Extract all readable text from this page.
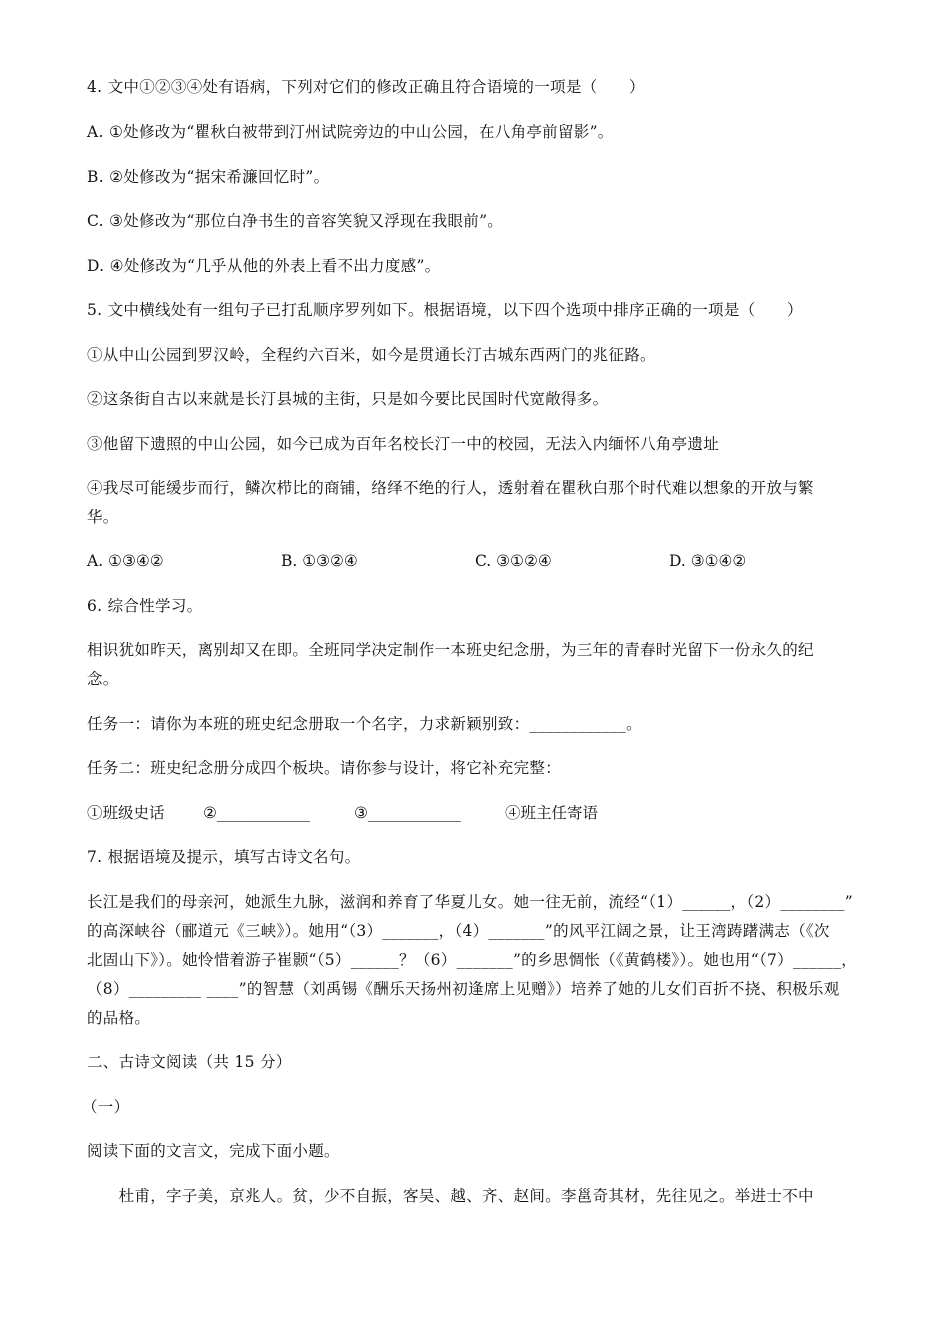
4. 文中①②③④处有语病，下列对它们的修改正确且符合语境的一项是（　　）
A. ①处修改为“瞿秋白被带到汀州试院旁边的中山公园，在八角亭前留影”。
B. ②处修改为“据宋希濂回忆时”。
C. ③处修改为“那位白净书生的音容笑貌又浮现在我眼前”。
D. ④处修改为“几乎从他的外表上看不出力度感”。
5. 文中横线处有一组句子已打乱顺序罗列如下。根据语境，以下四个选项中排序正确的一项是（　　）
①从中山公园到罗汉岭，全程约六百米，如今是贯通长汀古城东西两门的兆征路。
②这条街自古以来就是长汀县城的主街，只是如今要比民国时代宽敞得多。
③他留下遗照的中山公园，如今已成为百年名校长汀一中的校园，无法入内缅怀八角亭遗址
④我尽可能缓步而行，鳞次栉比的商铺，络绎不绝的行人，透射着在瞿秋白那个时代难以想象的开放与繁
华。
A. ①③④②	B. ①③②④	C. ③①②④	D. ③①④②
6. 综合性学习。
相识犹如昨天，离别却又在即。全班同学决定制作一本班史纪念册，为三年的青春时光留下一份永久的纪
念。
任务一：请你为本班的班史纪念册取一个名字，力求新颖别致：____________。
任务二：班史纪念册分成四个板块。请你参与设计，将它补充完整：
①班级史话 ②____________	③____________	④班主任寄语
7. 根据语境及提示，填写古诗文名句。
长江是我们的母亲河，她派生九脉，滋润和养育了华夏儿女。她一往无前，流经“（1）______，（2）________”
的高深峡谷（郦道元《三峡》）。她用“（3）_______，（4）_______”的风平江阔之景，让王湾踌躇满志（《次
北固山下》）。她怜惜着游子崔颢“（5）______？（6）_______”的乡思惆怅（《黄鹤楼》）。她也用“（7）______，
（8）_________ ____”的智慧（刘禹锡《酬乐天扬州初逢席上见赠》）培养了她的儿女们百折不挠、积极乐观
的品格。
二、古诗文阅读（共 15 分）
（一）
阅读下面的文言文，完成下面小题。
　　杜甫，字子美，京兆人。贫，少不自振，客吴、越、齐、赵间。李邕奇其材，先往见之。举进士不中
